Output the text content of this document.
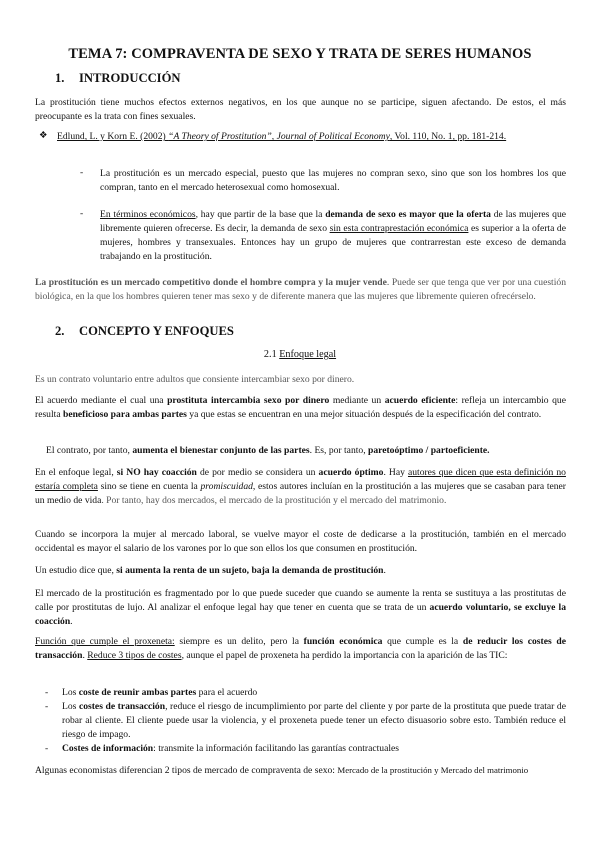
TEMA 7: COMPRAVENTA DE SEXO Y TRATA DE SERES HUMANOS
1. INTRODUCCIÓN
La prostitución tiene muchos efectos externos negativos, en los que aunque no se participe, siguen afectando. De estos, el más preocupante es la trata con fines sexuales.
❖ Edlund, L. y Korn E. (2002) “A Theory of Prostitution”, Journal of Political Economy, Vol. 110, No. 1, pp. 181-214.
- La prostitución es un mercado especial, puesto que las mujeres no compran sexo, sino que son los hombres los que compran, tanto en el mercado heterosexual como homosexual.
- En términos económicos, hay que partir de la base que la demanda de sexo es mayor que la oferta de las mujeres que libremente quieren ofrecerse. Es decir, la demanda de sexo sin esta contraprestación económica es superior a la oferta de mujeres, hombres y transexuales. Entonces hay un grupo de mujeres que contrarrestan este exceso de demanda trabajando en la prostitución.
La prostitución es un mercado competitivo donde el hombre compra y la mujer vende. Puede ser que tenga que ver por una cuestión biológica, en la que los hombres quieren tener mas sexo y de diferente manera que las mujeres que libremente quieren ofrecérselo.
2. CONCEPTO Y ENFOQUES
2.1 Enfoque legal
Es un contrato voluntario entre adultos que consiente intercambiar sexo por dinero.
El acuerdo mediante el cual una prostituta intercambia sexo por dinero mediante un acuerdo eficiente: refleja un intercambio que resulta beneficioso para ambas partes ya que estas se encuentran en una mejor situación después de la especificación del contrato.
El contrato, por tanto, aumenta el bienestar conjunto de las partes. Es, por tanto, paretoóptimo / partoeficiente.
En el enfoque legal, si NO hay coacción de por medio se considera un acuerdo óptimo. Hay autores que dicen que esta definición no estaría completa sino se tiene en cuenta la promiscuidad, estos autores incluían en la prostitución a las mujeres que se casaban para tener un medio de vida. Por tanto, hay dos mercados, el mercado de la prostitución y el mercado del matrimonio.
Cuando se incorpora la mujer al mercado laboral, se vuelve mayor el coste de dedicarse a la prostitución, también en el mercado occidental es mayor el salario de los varones por lo que son ellos los que consumen en prostitución.
Un estudio dice que, si aumenta la renta de un sujeto, baja la demanda de prostitución.
El mercado de la prostitución es fragmentado por lo que puede suceder que cuando se aumente la renta se sustituya a las prostitutas de calle por prostitutas de lujo. Al analizar el enfoque legal hay que tener en cuenta que se trata de un acuerdo voluntario, se excluye la coacción.
Función que cumple el proxeneta: siempre es un delito, pero la función económica que cumple es la de reducir los costes de transacción. Reduce 3 tipos de costes, aunque el papel de proxeneta ha perdido la importancia con la aparición de las TIC:
- Los coste de reunir ambas partes para el acuerdo
- Los costes de transacción, reduce el riesgo de incumplimiento por parte del cliente y por parte de la prostituta que puede tratar de robar al cliente. El cliente puede usar la violencia, y el proxeneta puede tener un efecto disuasorio sobre esto. También reduce el riesgo de impago.
- Costes de información: transmite la información facilitando las garantías contractuales
Algunas economistas diferencian 2 tipos de mercado de compraventa de sexo: Mercado de la prostitución y Mercado del matrimonio
